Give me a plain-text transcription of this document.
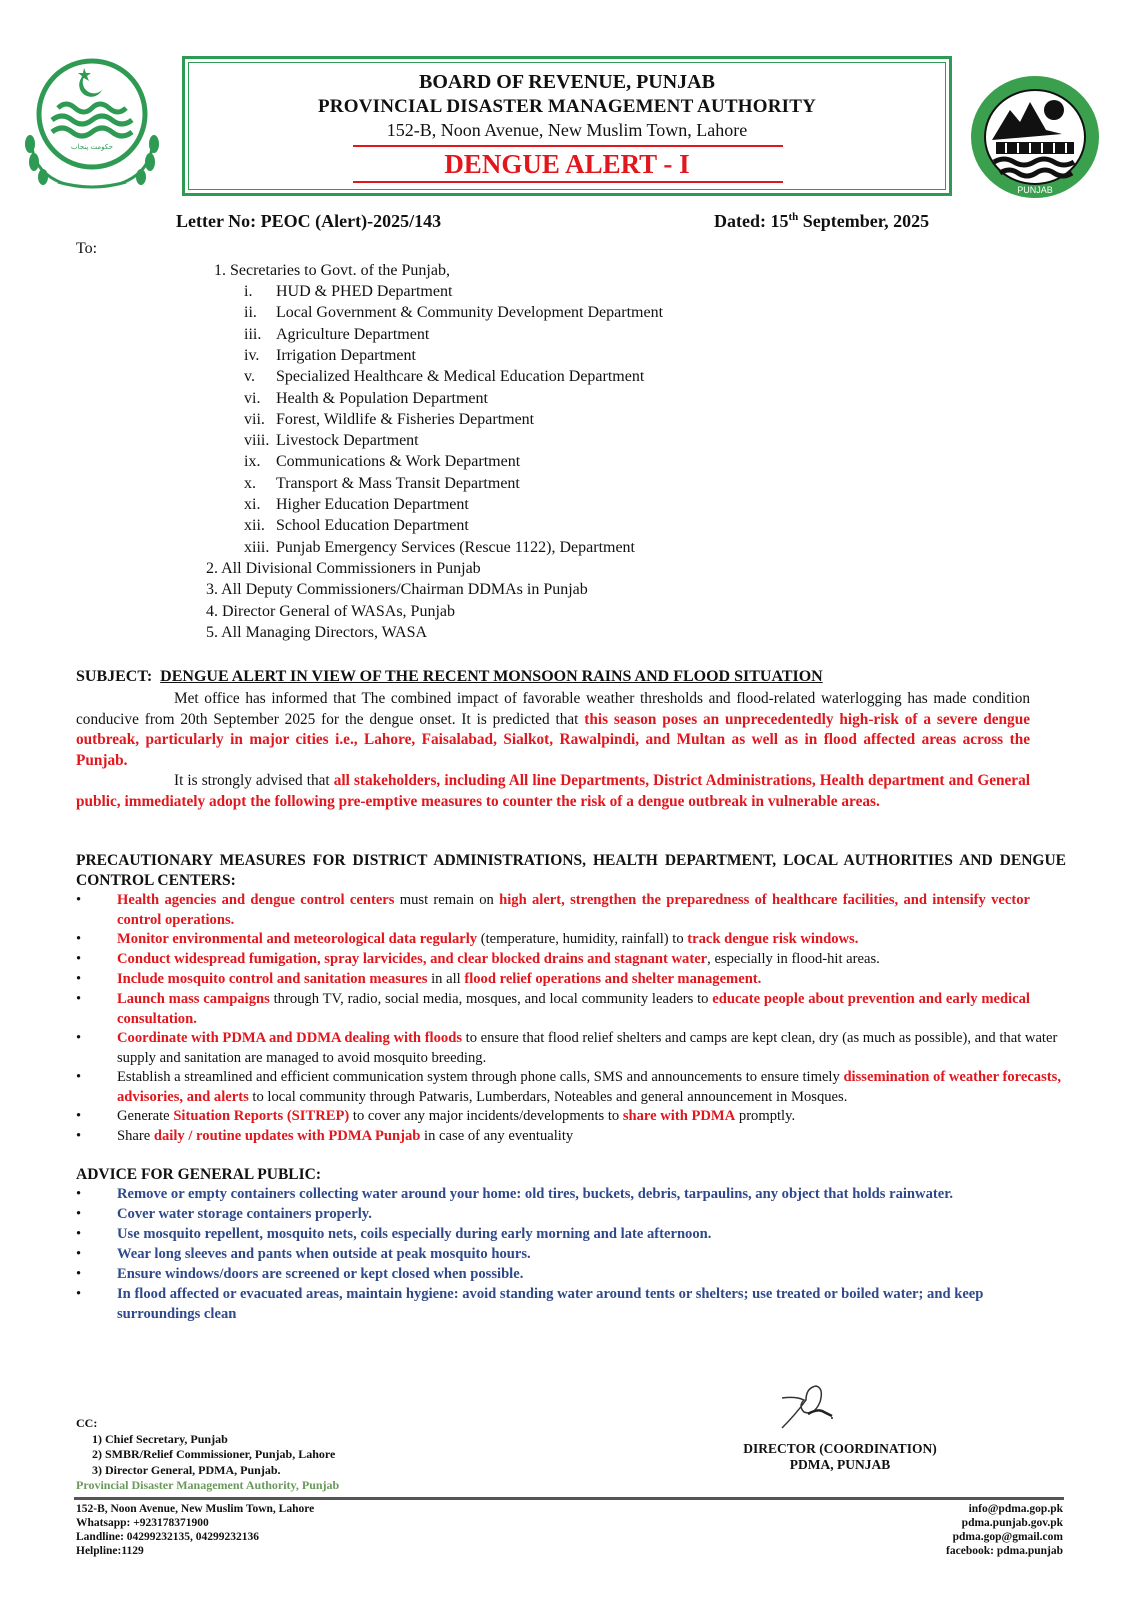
حکومت پنجاب
BOARD OF REVENUE, PUNJAB
PROVINCIAL DISASTER MANAGEMENT AUTHORITY
152-B, Noon Avenue, New Muslim Town, Lahore
DENGUE ALERT - I
PUNJAB
Letter No: PEOC (Alert)-2025/143	Dated: 15th September, 2025
To:
1. Secretaries to Govt. of the Punjab,
i. HUD & PHED Department
ii. Local Government & Community Development Department
iii. Agriculture Department
iv. Irrigation Department
v. Specialized Healthcare & Medical Education Department
vi. Health & Population Department
vii. Forest, Wildlife & Fisheries Department
viii. Livestock Department
ix. Communications & Work Department
x. Transport & Mass Transit Department
xi. Higher Education Department
xii. School Education Department
xiii. Punjab Emergency Services (Rescue 1122), Department
2. All Divisional Commissioners in Punjab
3. All Deputy Commissioners/Chairman DDMAs in Punjab
4. Director General of WASAs, Punjab
5. All Managing Directors, WASA
SUBJECT: DENGUE ALERT IN VIEW OF THE RECENT MONSOON RAINS AND FLOOD SITUATION
Met office has informed that The combined impact of favorable weather thresholds and flood-related waterlogging has made condition conducive from 20th September 2025 for the dengue onset. It is predicted that this season poses an unprecedentedly high-risk of a severe dengue outbreak, particularly in major cities i.e., Lahore, Faisalabad, Sialkot, Rawalpindi, and Multan as well as in flood affected areas across the Punjab.
It is strongly advised that all stakeholders, including All line Departments, District Administrations, Health department and General public, immediately adopt the following pre-emptive measures to counter the risk of a dengue outbreak in vulnerable areas.
PRECAUTIONARY MEASURES FOR DISTRICT ADMINISTRATIONS, HEALTH DEPARTMENT, LOCAL AUTHORITIES AND DENGUE CONTROL CENTERS:
• Health agencies and dengue control centers must remain on high alert, strengthen the preparedness of healthcare facilities, and intensify vector control operations.
• Monitor environmental and meteorological data regularly (temperature, humidity, rainfall) to track dengue risk windows.
• Conduct widespread fumigation, spray larvicides, and clear blocked drains and stagnant water, especially in flood-hit areas.
• Include mosquito control and sanitation measures in all flood relief operations and shelter management.
• Launch mass campaigns through TV, radio, social media, mosques, and local community leaders to educate people about prevention and early medical consultation.
• Coordinate with PDMA and DDMA dealing with floods to ensure that flood relief shelters and camps are kept clean, dry (as much as possible), and that water supply and sanitation are managed to avoid mosquito breeding.
• Establish a streamlined and efficient communication system through phone calls, SMS and announcements to ensure timely dissemination of weather forecasts, advisories, and alerts to local community through Patwaris, Lumberdars, Noteables and general announcement in Mosques.
• Generate Situation Reports (SITREP) to cover any major incidents/developments to share with PDMA promptly.
• Share daily / routine updates with PDMA Punjab in case of any eventuality
ADVICE FOR GENERAL PUBLIC:
• Remove or empty containers collecting water around your home: old tires, buckets, debris, tarpaulins, any object that holds rainwater.
• Cover water storage containers properly.
• Use mosquito repellent, mosquito nets, coils especially during early morning and late afternoon.
• Wear long sleeves and pants when outside at peak mosquito hours.
• Ensure windows/doors are screened or kept closed when possible.
• In flood affected or evacuated areas, maintain hygiene: avoid standing water around tents or shelters; use treated or boiled water; and keep surroundings clean
DIRECTOR (COORDINATION)
PDMA, PUNJAB
CC:
1) Chief Secretary, Punjab
2) SMBR/Relief Commissioner, Punjab, Lahore
3) Director General, PDMA, Punjab.
Provincial Disaster Management Authority, Punjab
152-B, Noon Avenue, New Muslim Town, Lahore
Whatsapp: +923178371900
Landline: 04299232135, 04299232136
Helpline:1129
info@pdma.gop.pk
pdma.punjab.gov.pk
pdma.gop@gmail.com
facebook: pdma.punjab
